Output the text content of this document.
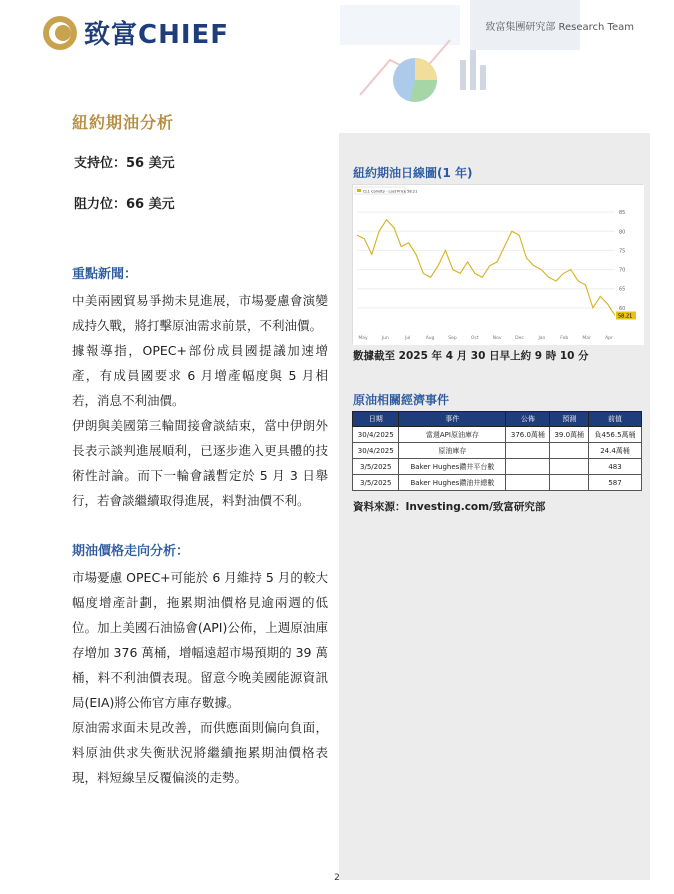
致富CHIEF	致富集團研究部 Research Team
紐約期油分析
支持位：56 美元
阻力位：66 美元
重點新聞：

中美兩國貿易爭拗未見進展，市場憂慮會演變成持久戰，將打擊原油需求前景，不利油價。

據報導指，OPEC+部份成員國提議加速增產，有成員國要求 6 月增產幅度與 5 月相若，消息不利油價。

伊朗與美國第三輪間接會談結束，當中伊朗外長表示談判進展順利，已逐步進入更具體的技術性討論。而下一輪會議暫定於 5 月 3 日舉行，若會談繼續取得進展，料對油價不利。

期油價格走向分析：

市場憂慮 OPEC+可能於 6 月維持 5 月的較大幅度增產計劃，拖累期油價格見逾兩週的低位。加上美國石油協會(API)公佈，上週原油庫存增加 376 萬桶，增幅遠超市場預期的 39 萬桶，料不利油價表現。留意今晚美國能源資訊局(EIA)將公佈官方庫存數據。

原油需求面未見改善，而供應面則偏向負面，料原油供求失衡狀況將繼續拖累期油價格表現，料短線呈反覆偏淡的走勢。

紐約期油日線圖(1 年)
60
65
70
75
80
85
58.21
May	Jun	Jul	Aug	Sep	Oct	Nov	Dec	Jan	Feb	Mar	Apr
CL1 Comdty - Last Price 58.21
數據截至 2025 年 4 月 30 日早上約 9 時 10 分
原油相關經濟事件
日期	事件	公佈	預測	前值
30/4/2025	當週API原油庫存	376.0萬桶	39.0萬桶	負456.5萬桶
30/4/2025	原油庫存			24.4萬桶
3/5/2025	Baker Hughes鑽井平台數			483
3/5/2025	Baker Hughes鑽油井總數			587
資料來源：Investing.com/致富研究部
2
